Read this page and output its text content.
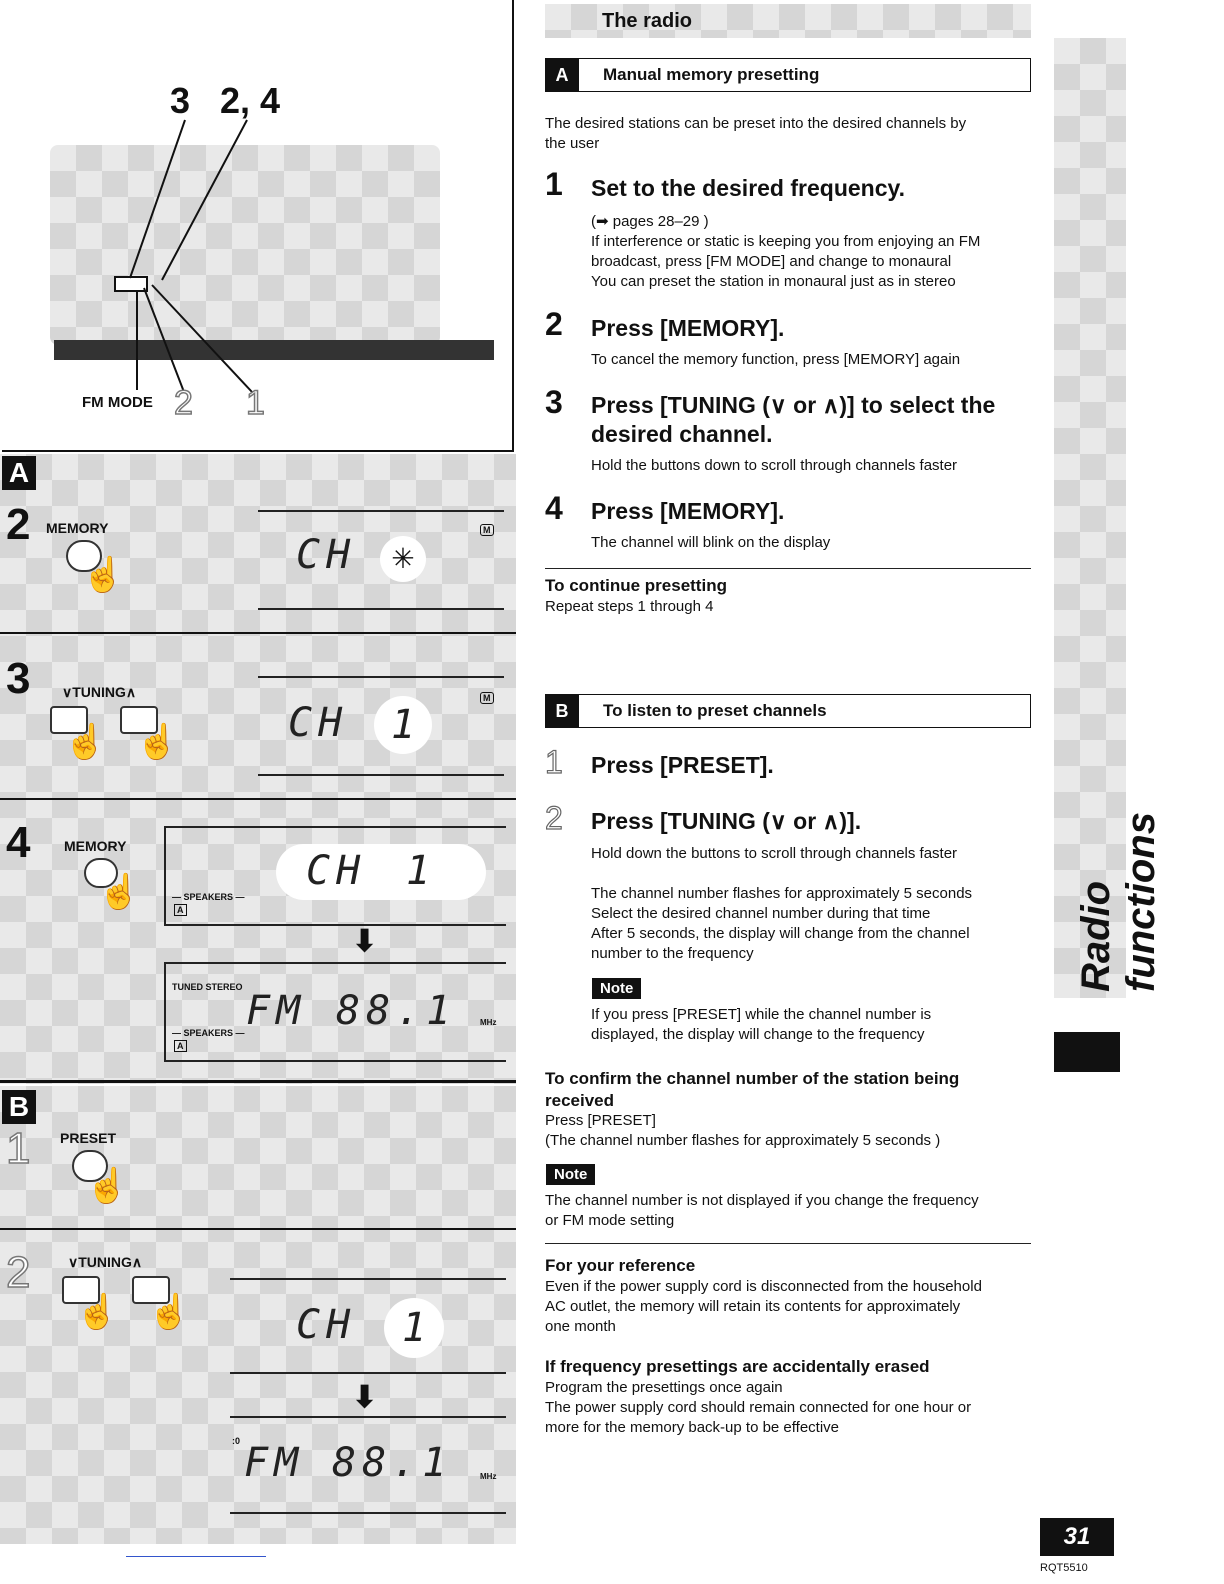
3 2, 4
FM MODE 2 1
A
2 MEMORY
☝	CH	✳
M
3 ∨TUNING∧
☝ ☝	CH	1
M
4 MEMORY
☝	CH 1
— SPEAKERS —
A
⬇
TUNED STEREO
FM 88.1	MHz
— SPEAKERS —
A
B
1 PRESET
☝
2	∨TUNING∧
☝ ☝	CH	1
⬇
:0 FM 88.1	MHz
The radio
A	Manual memory presetting
The desired stations can be preset into the desired channels by
the user
1 Set to the desired frequency.
(➡ pages 28–29 )
If interference or static is keeping you from enjoying an FM
broadcast, press [FM MODE] and change to monaural
You can preset the station in monaural just as in stereo
2 Press [MEMORY].
To cancel the memory function, press [MEMORY] again
3 Press [TUNING (∨ or ∧)] to select the
desired channel.
Hold the buttons down to scroll through channels faster
4 Press [MEMORY].
The channel will blink on the display
To continue presetting
Repeat steps 1 through 4
B	To listen to preset channels
1 Press [PRESET].
2 Press [TUNING (∨ or ∧)].
Hold down the buttons to scroll through channels faster
The channel number flashes for approximately 5 seconds
Select the desired channel number during that time
After 5 seconds, the display will change from the channel
number to the frequency
Note
If you press [PRESET] while the channel number is
displayed, the display will change to the frequency
To confirm the channel number of the station being
received
Press [PRESET]
(The channel number flashes for approximately 5 seconds )
Note
The channel number is not displayed if you change the frequency
or FM mode setting
For your reference
Even if the power supply cord is disconnected from the household
AC outlet, the memory will retain its contents for approximately
one month
If frequency presettings are accidentally erased
Program the presettings once again
The power supply cord should remain connected for one hour or
more for the memory back-up to be effective
Radio functions
31
RQT5510
